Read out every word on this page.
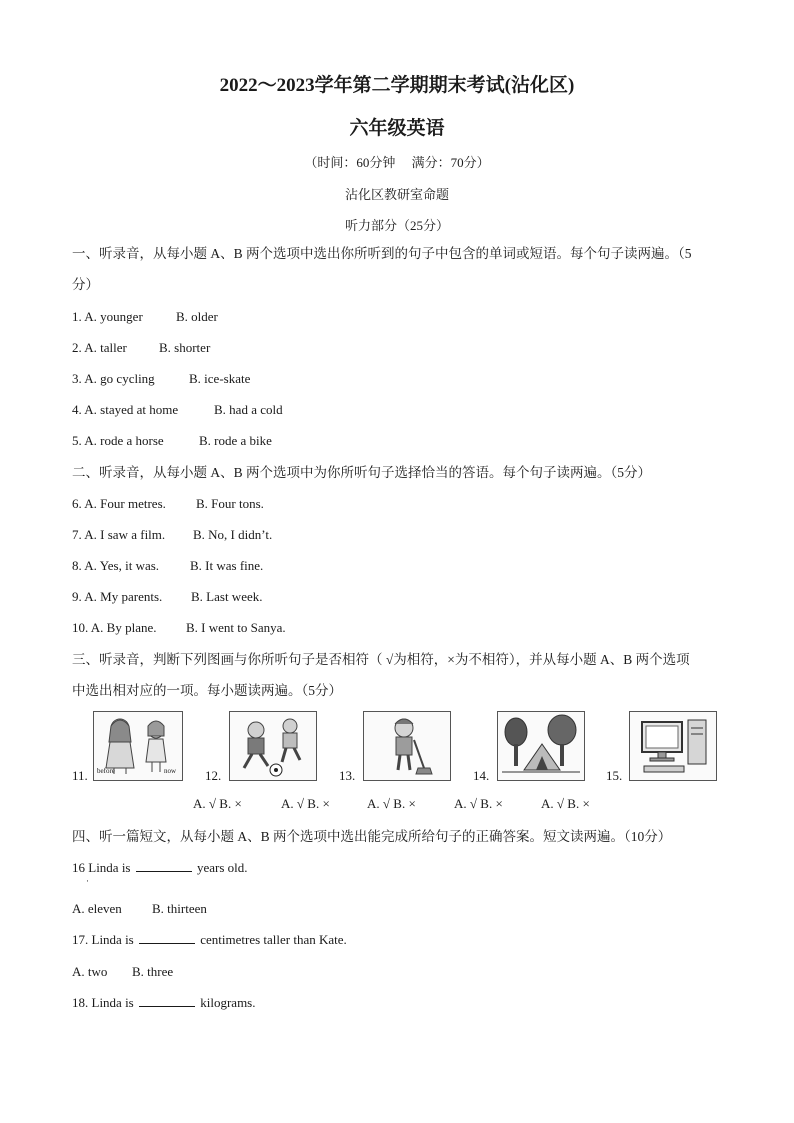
2022～2023学年第二学期期末考试(沾化区)
六年级英语
（时间：60分钟　 满分：70分）
沾化区教研室命题
听力部分（25分）
一、听录音，从每小题 A、B 两个选项中选出你所听到的句子中包含的单词或短语。每个句子读两遍。（5
分）
1. A. younger	B. older
2. A. taller B. shorter
3. A. go cycling	B. ice-skate
4. A. stayed at home	B. had a cold
5. A. rode a horse	B. rode a bike
二、听录音，从每小题 A、B 两个选项中为你所听句子选择恰当的答语。每个句子读两遍。（5分）
6. A. Four metres. B. Four tons.
7. A. I saw a film. B. No, I didn’t.
8. A. Yes, it was. B. It was fine.
9. A. My parents. B. Last week.
10. A. By plane. B. I went to Sanya.
三、听录音，判断下列图画与你所听句子是否相符（ √为相符，×为不相符），并从每小题 A、B 两个选项
中选出相对应的一项。每小题读两遍。（5分）
11. before	now 12.	13.	14.	15.
A. √ B. ×	A. √ B. ×	A. √ B. ×	A. √ B. ×	A. √ B. ×
四、听一篇短文，从每小题 A、B 两个选项中选出能完成所给句子的正确答案。短文读两遍。（10分）
16 Linda is	years old.
·
A. eleven B. thirteen
17. Linda is	centimetres taller than Kate.
A. two B. three
18. Linda is	kilograms.
